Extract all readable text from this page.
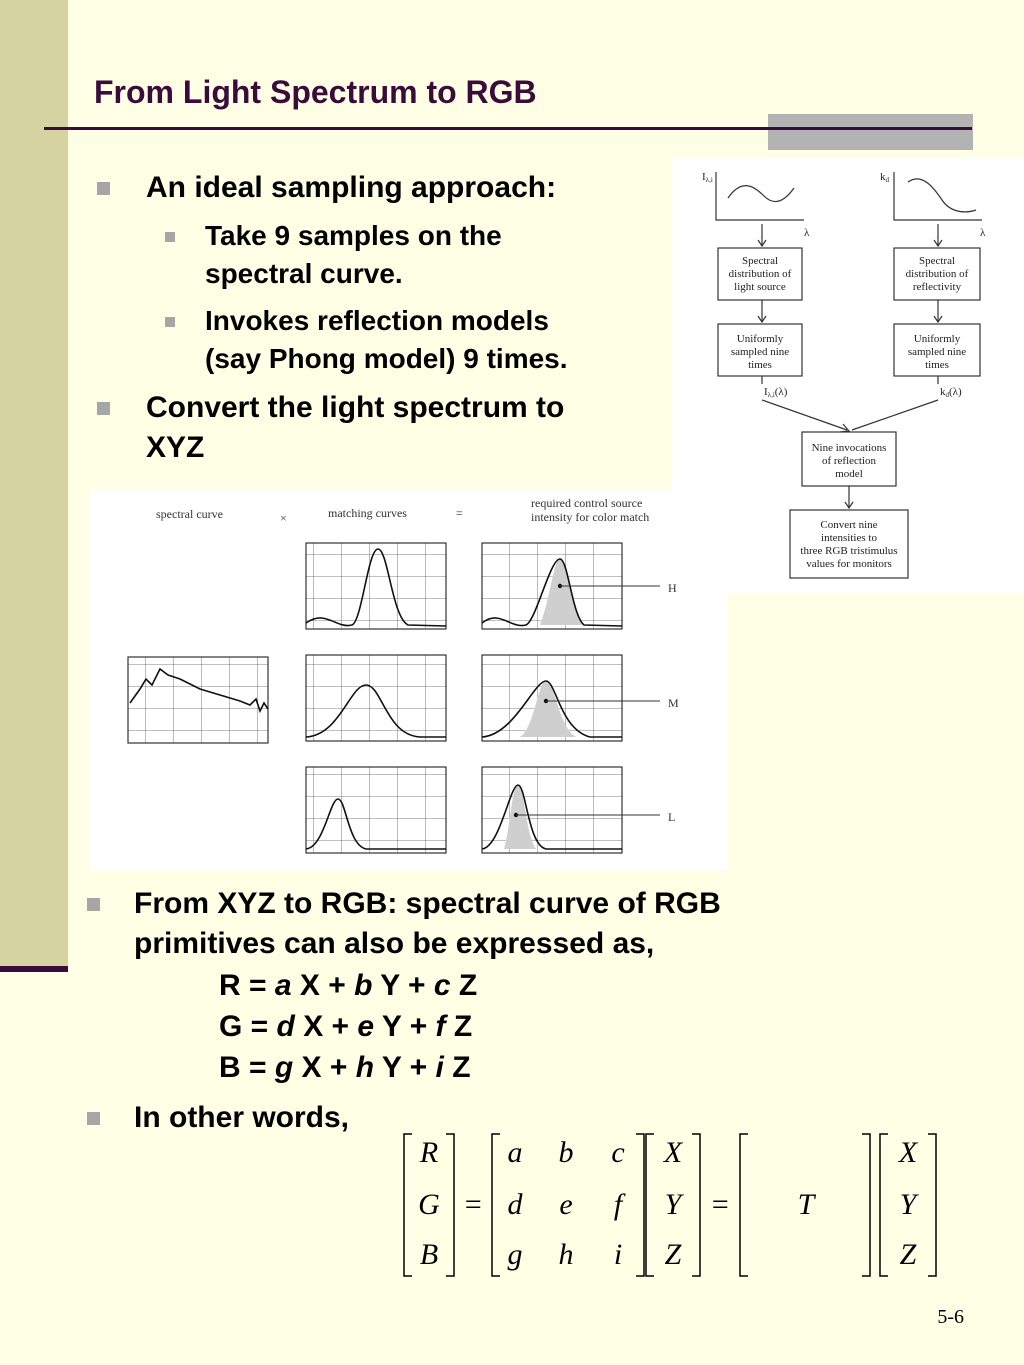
From Light Spectrum to RGB
An ideal sampling approach:
Take 9 samples on the
spectral curve.
Invokes reflection models
(say Phong model) 9 times.
Convert the light spectrum to
XYZ
Iλ,i	kd
λ	λ
Spectral
distribution of
light source
Spectral
distribution of
reflectivity
Uniformly
sampled nine
times
Uniformly
sampled nine
times
Iλ,i(λ)	kd(λ)
Nine invocations
of reflection
model
Convert nine
intensities to
three RGB tristimulus
values for monitors
spectral curve	×	matching curves	=
required control source
intensity for color match
H
M
L
From XYZ to RGB: spectral curve of RGB
primitives can also be expressed as,
R = a X + b Y + c Z
G = d X + e Y + f Z
B = g X + h Y + i Z
In other words,
R
G
B
=
a b c
d e f
g h i
X
Y
Z
= T
X
Y
Z
5-6
